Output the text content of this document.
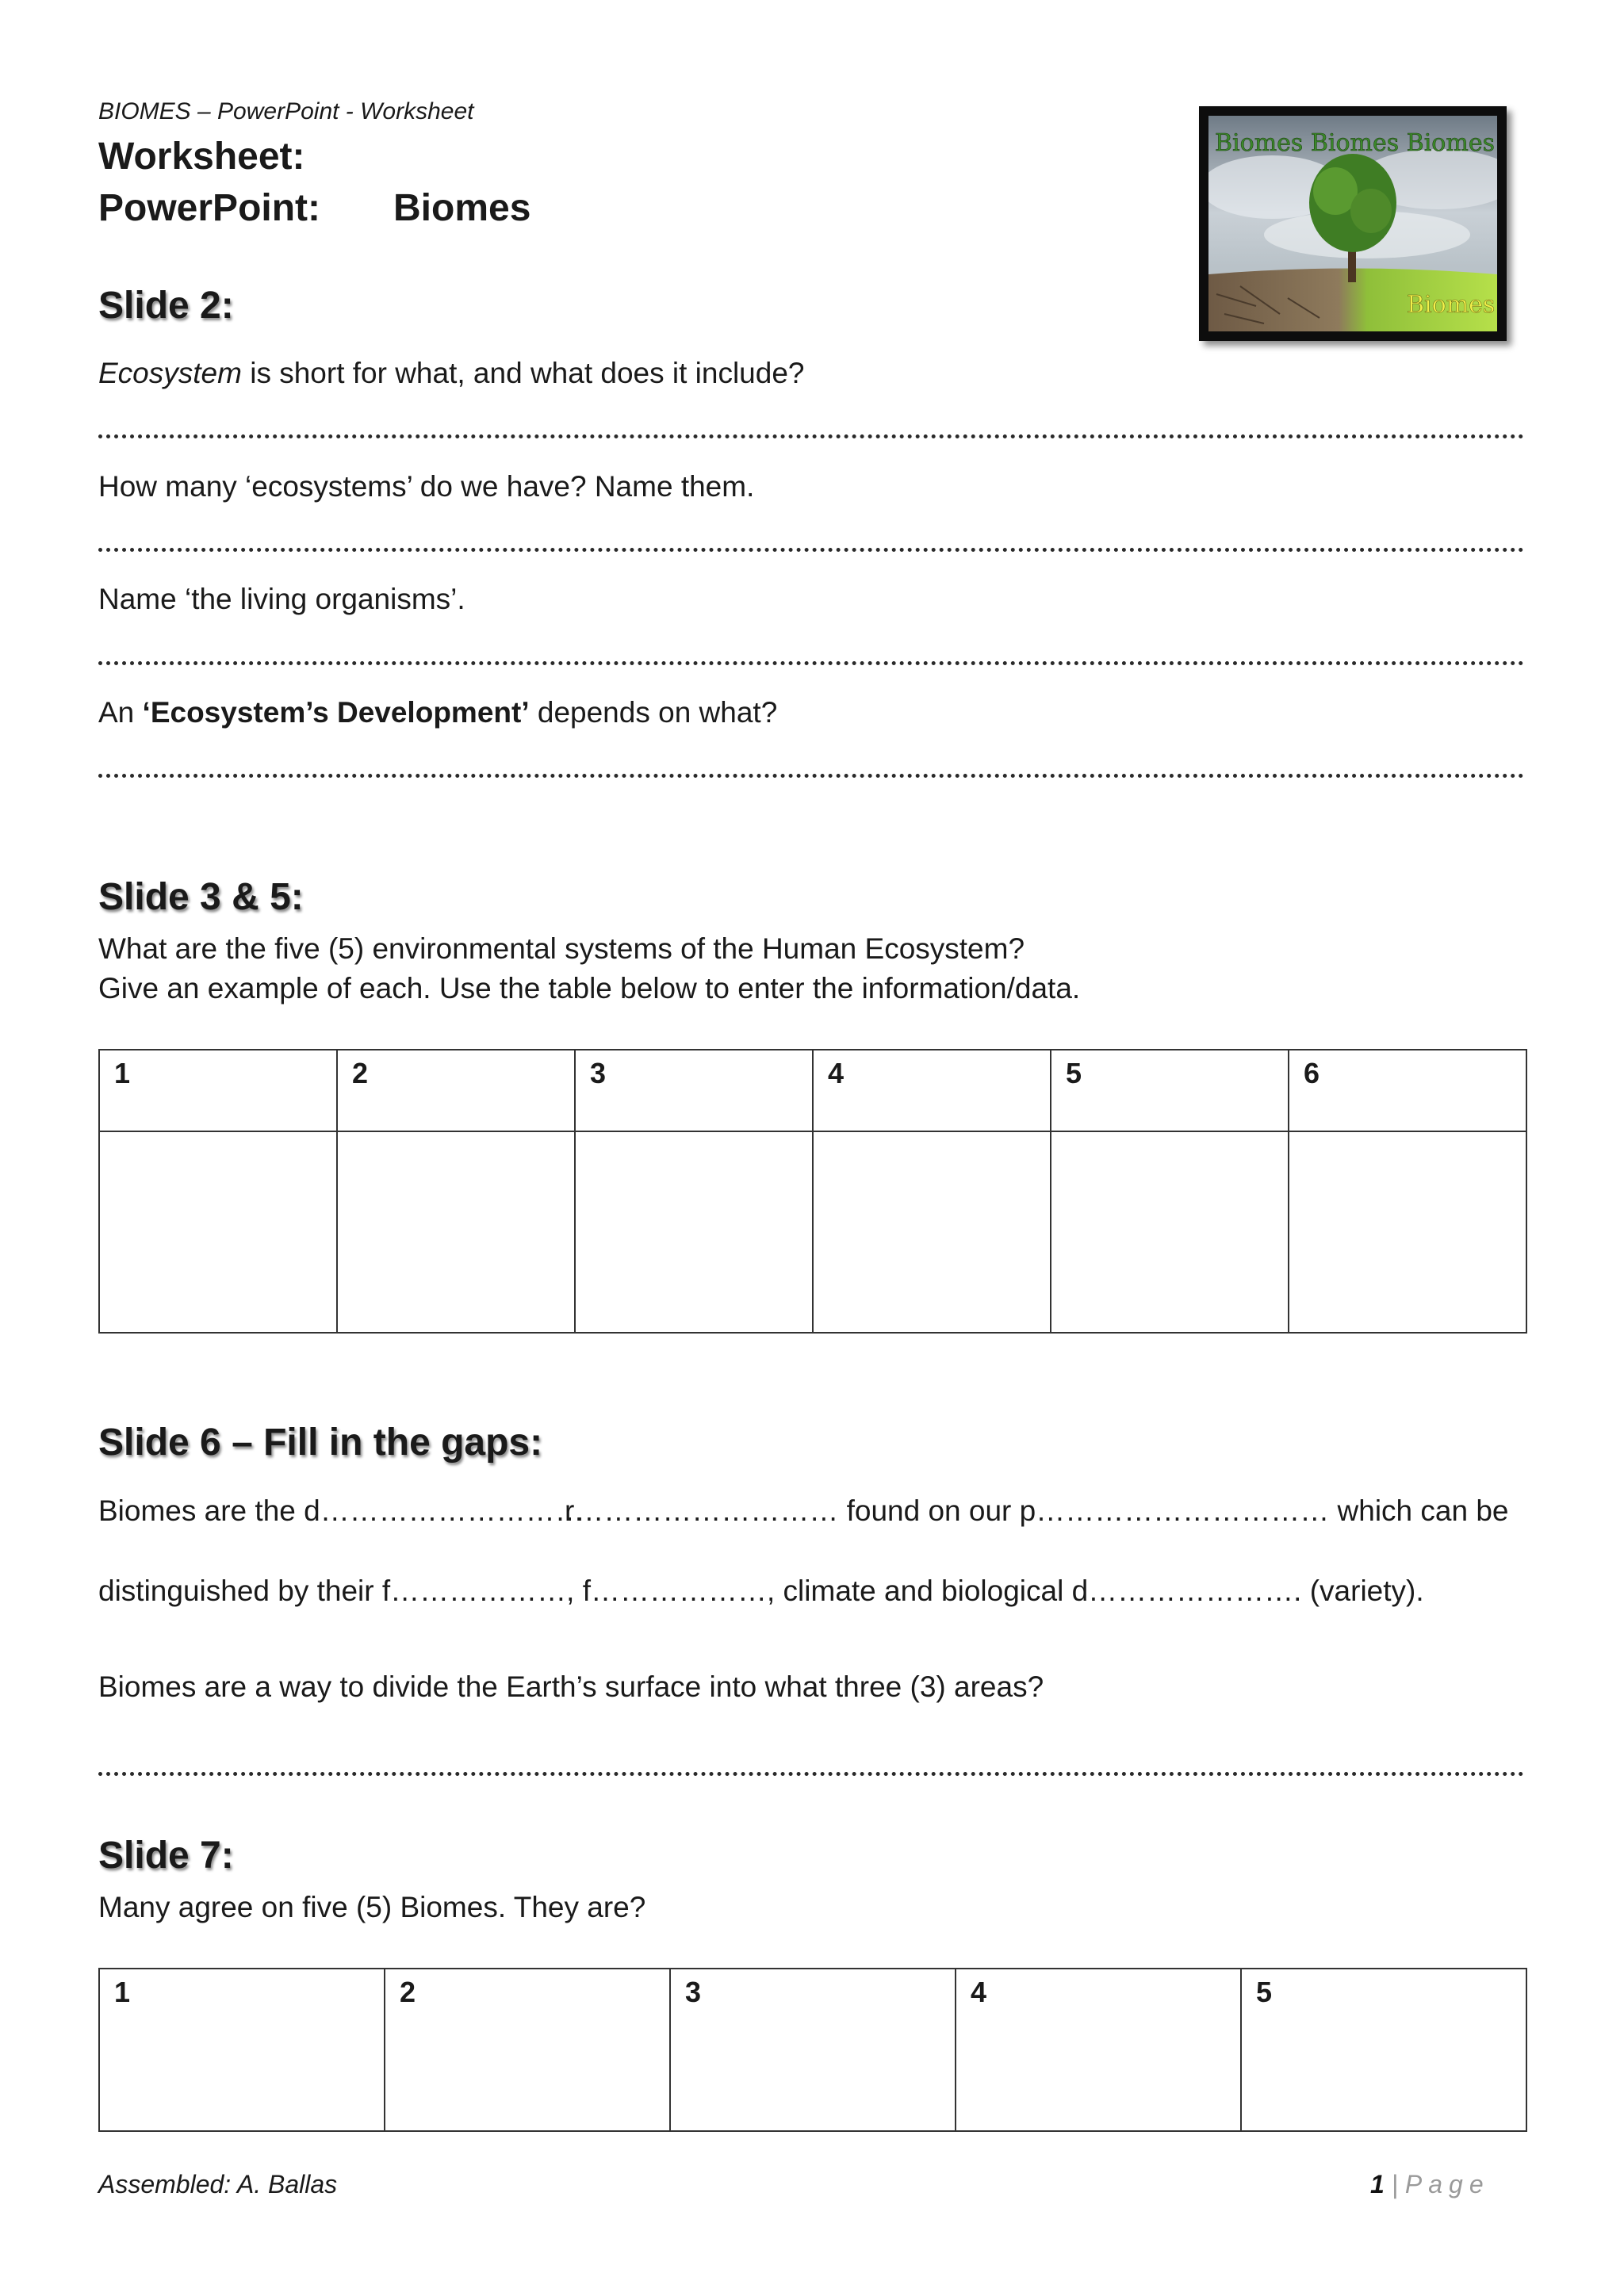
BIOMES – PowerPoint - Worksheet
Worksheet:
PowerPoint: Biomes
Biomes Biomes Biomes
Biomes
Slide 2:
Ecosystem is short for what, and what does it include?
How many ‘ecosystems’ do we have? Name them.
Name ‘the living organisms’.
An ‘Ecosystem’s Development’ depends on what?
Slide 3 & 5:
What are the five (5) environmental systems of the Human Ecosystem?
Give an example of each. Use the table below to enter the information/data.
1	2	3	4	5	6

Slide 6 – Fill in the gaps:
Biomes are the d………………………
r……………………… found on our p………………………… which can be
distinguished by their f………………, f………………, climate and biological d…………………. (variety).
Biomes are a way to divide the Earth’s surface into what three (3) areas?
Slide 7:
Many agree on five (5) Biomes. They are?
1	2	3	4	5
Assembled: A. Ballas	1 | Page
